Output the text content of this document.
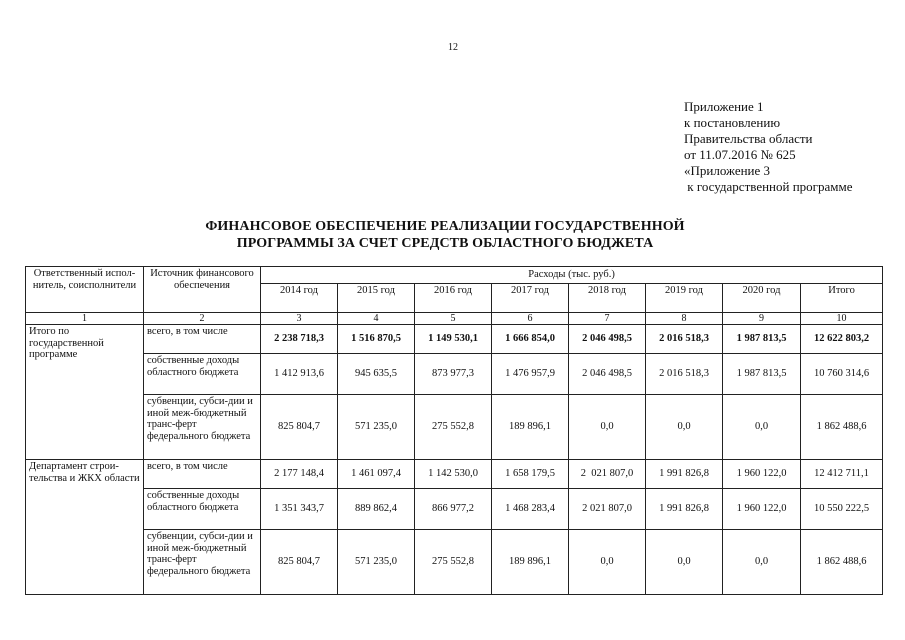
12
Приложение 1
к постановлению
Правительства области
от 11.07.2016 № 625
«Приложение 3
к государственной программе
ФИНАНСОВОЕ ОБЕСПЕЧЕНИЕ РЕАЛИЗАЦИИ ГОСУДАРСТВЕННОЙ
ПРОГРАММЫ ЗА СЧЕТ СРЕДСТВ ОБЛАСТНОГО БЮДЖЕТА
Ответственный испол-нитель, соисполнители	Источник финансового обеспечения	Расходы (тыс. руб.)							
		2014 год	2015 год	2016 год	2017 год	2018 год	2019 год	2020 год	Итого
1	2	3	4	5	6	7	8	9	10
Итого по государственной программе	всего, в том числе	2 238 718,3	1 516 870,5	1 149 530,1	1 666 854,0	2 046 498,5	2 016 518,3	1 987 813,5	12 622 803,2
	собственные доходы областного бюджета	1 412 913,6	945 635,5	873 977,3	1 476 957,9	2 046 498,5	2 016 518,3	1 987 813,5	10 760 314,6
	субвенции, субси-дии и иной меж-бюджетный транс-ферт федерального бюджета	825 804,7	571 235,0	275 552,8	189 896,1	0,0	0,0	0,0	1 862 488,6
Департамент строи-тельства и ЖКХ области	всего, в том числе	2 177 148,4	1 461 097,4	1 142 530,0	1 658 179,5	2  021 807,0	1 991 826,8	1 960 122,0	12 412 711,1
	собственные доходы областного бюджета	1 351 343,7	889 862,4	866 977,2	1 468 283,4	2 021 807,0	1 991 826,8	1 960 122,0	10 550 222,5
	субвенции, субси-дии и иной меж-бюджетный транс-ферт федерального бюджета	825 804,7	571 235,0	275 552,8	189 896,1	0,0	0,0	0,0	1 862 488,6
